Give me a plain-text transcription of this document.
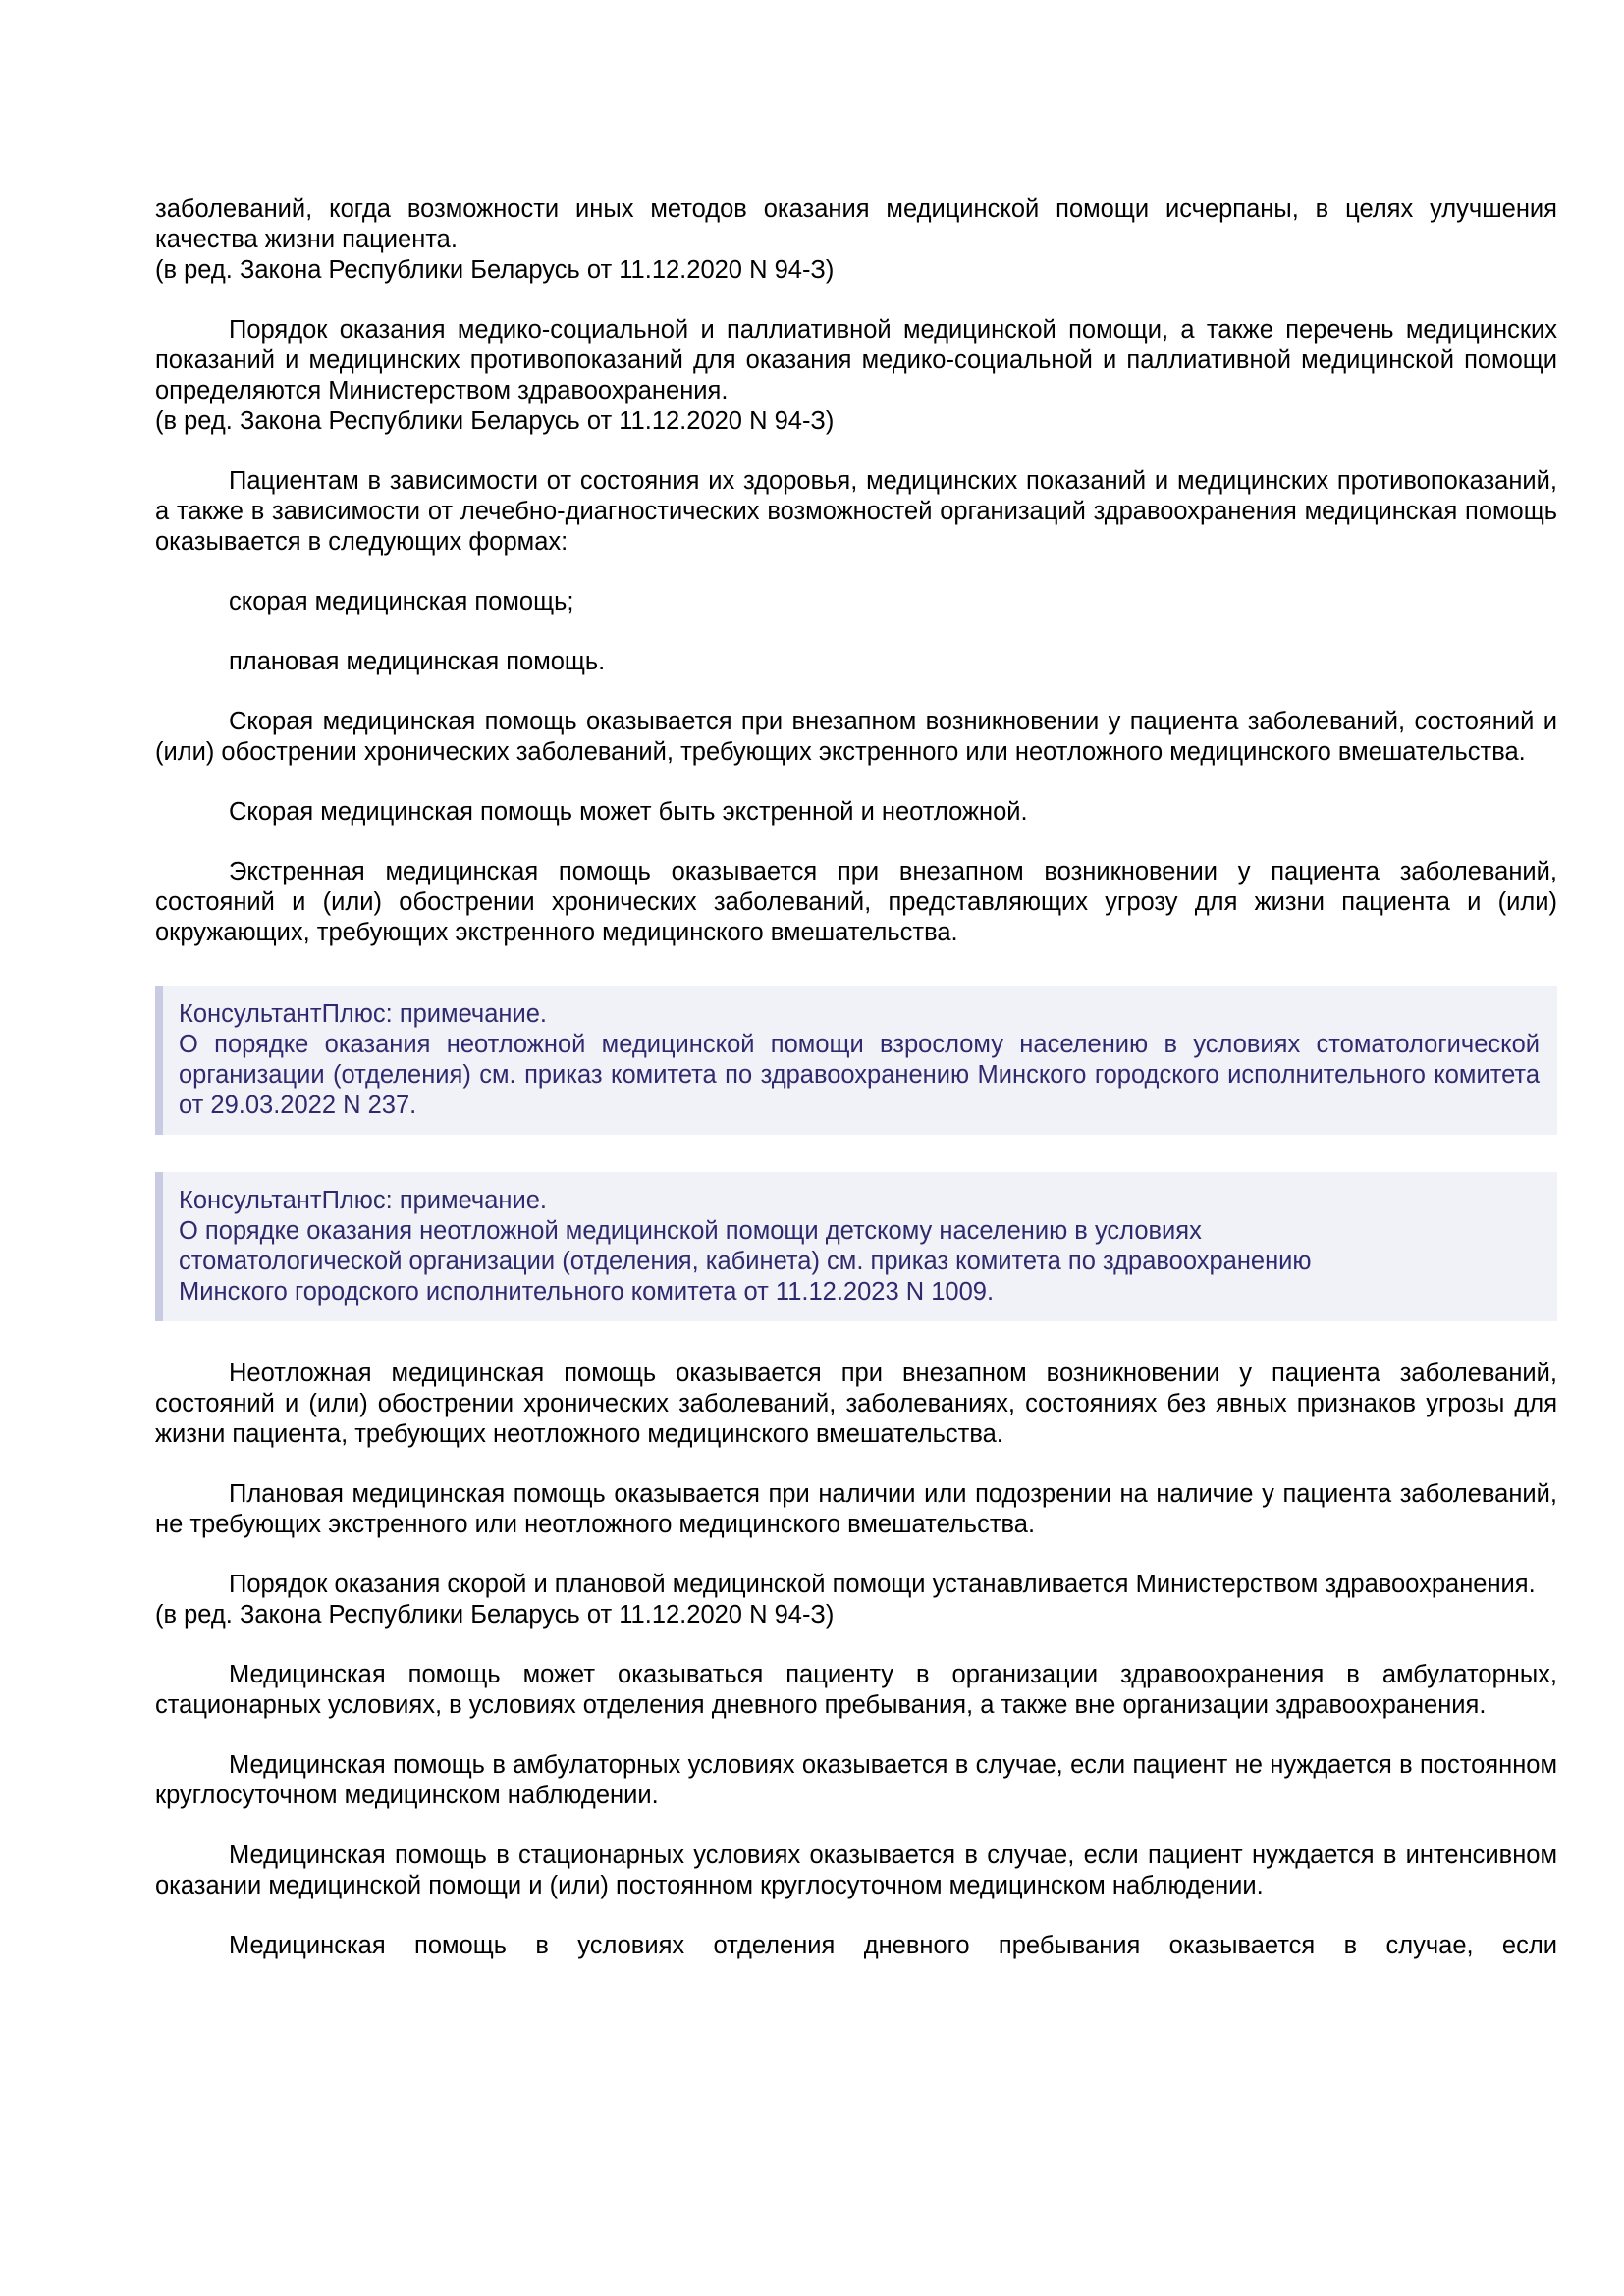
заболеваний, когда возможности иных методов оказания медицинской помощи исчерпаны, в целях улучшения качества жизни пациента.

(в ред. Закона Республики Беларусь от 11.12.2020 N 94-З)

Порядок оказания медико-социальной и паллиативной медицинской помощи, а также перечень медицинских показаний и медицинских противопоказаний для оказания медико-социальной и паллиативной медицинской помощи определяются Министерством здравоохранения.

(в ред. Закона Республики Беларусь от 11.12.2020 N 94-З)

Пациентам в зависимости от состояния их здоровья, медицинских показаний и медицинских противопоказаний, а также в зависимости от лечебно-диагностических возможностей организаций здравоохранения медицинская помощь оказывается в следующих формах:

скорая медицинская помощь;

плановая медицинская помощь.

Скорая медицинская помощь оказывается при внезапном возникновении у пациента заболеваний, состояний и (или) обострении хронических заболеваний, требующих экстренного или неотложного медицинского вмешательства.

Скорая медицинская помощь может быть экстренной и неотложной.

Экстренная медицинская помощь оказывается при внезапном возникновении у пациента заболеваний, состояний и (или) обострении хронических заболеваний, представляющих угрозу для жизни пациента и (или) окружающих, требующих экстренного медицинского вмешательства.

КонсультантПлюс: примечание.

О порядке оказания неотложной медицинской помощи взрослому населению в условиях стоматологической организации (отделения) см. приказ комитета по здравоохранению Минского городского исполнительного комитета от 29.03.2022 N 237.

КонсультантПлюс: примечание.

О порядке оказания неотложной медицинской помощи детскому населению в условиях

стоматологической организации (отделения, кабинета) см. приказ комитета по здравоохранению

Минского городского исполнительного комитета от 11.12.2023 N 1009.

Неотложная медицинская помощь оказывается при внезапном возникновении у пациента заболеваний, состояний и (или) обострении хронических заболеваний, заболеваниях, состояниях без явных признаков угрозы для жизни пациента, требующих неотложного медицинского вмешательства.

Плановая медицинская помощь оказывается при наличии или подозрении на наличие у пациента заболеваний, не требующих экстренного или неотложного медицинского вмешательства.

Порядок оказания скорой и плановой медицинской помощи устанавливается Министерством здравоохранения.

(в ред. Закона Республики Беларусь от 11.12.2020 N 94-З)

Медицинская помощь может оказываться пациенту в организации здравоохранения в амбулаторных, стационарных условиях, в условиях отделения дневного пребывания, а также вне организации здравоохранения.

Медицинская помощь в амбулаторных условиях оказывается в случае, если пациент не нуждается в постоянном круглосуточном медицинском наблюдении.

Медицинская помощь в стационарных условиях оказывается в случае, если пациент нуждается в интенсивном оказании медицинской помощи и (или) постоянном круглосуточном медицинском наблюдении.

Медицинская помощь в условиях отделения дневного пребывания оказывается в случае, если
